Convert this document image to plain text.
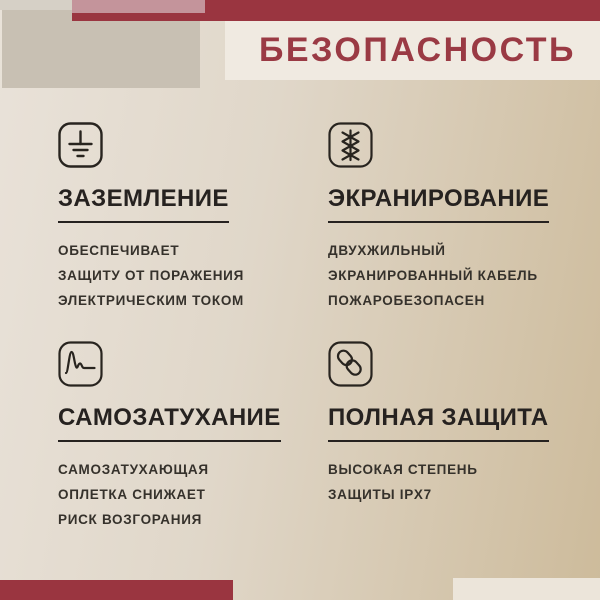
БЕЗОПАСНОСТЬ
ЗАЗЕМЛЕНИЕ

ОБЕСПЕЧИВАЕТ

ЗАЩИТУ ОТ ПОРАЖЕНИЯ

ЭЛЕКТРИЧЕСКИМ ТОКОМ

ЭКРАНИРОВАНИЕ

ДВУХЖИЛЬНЫЙ

ЭКРАНИРОВАННЫЙ КАБЕЛЬ

ПОЖАРОБЕЗОПАСЕН

САМОЗАТУХАНИЕ

САМОЗАТУХАЮЩАЯ

ОПЛЕТКА СНИЖАЕТ

РИСК ВОЗГОРАНИЯ

ПОЛНАЯ ЗАЩИТА

ВЫСОКАЯ СТЕПЕНЬ

ЗАЩИТЫ IPX7
